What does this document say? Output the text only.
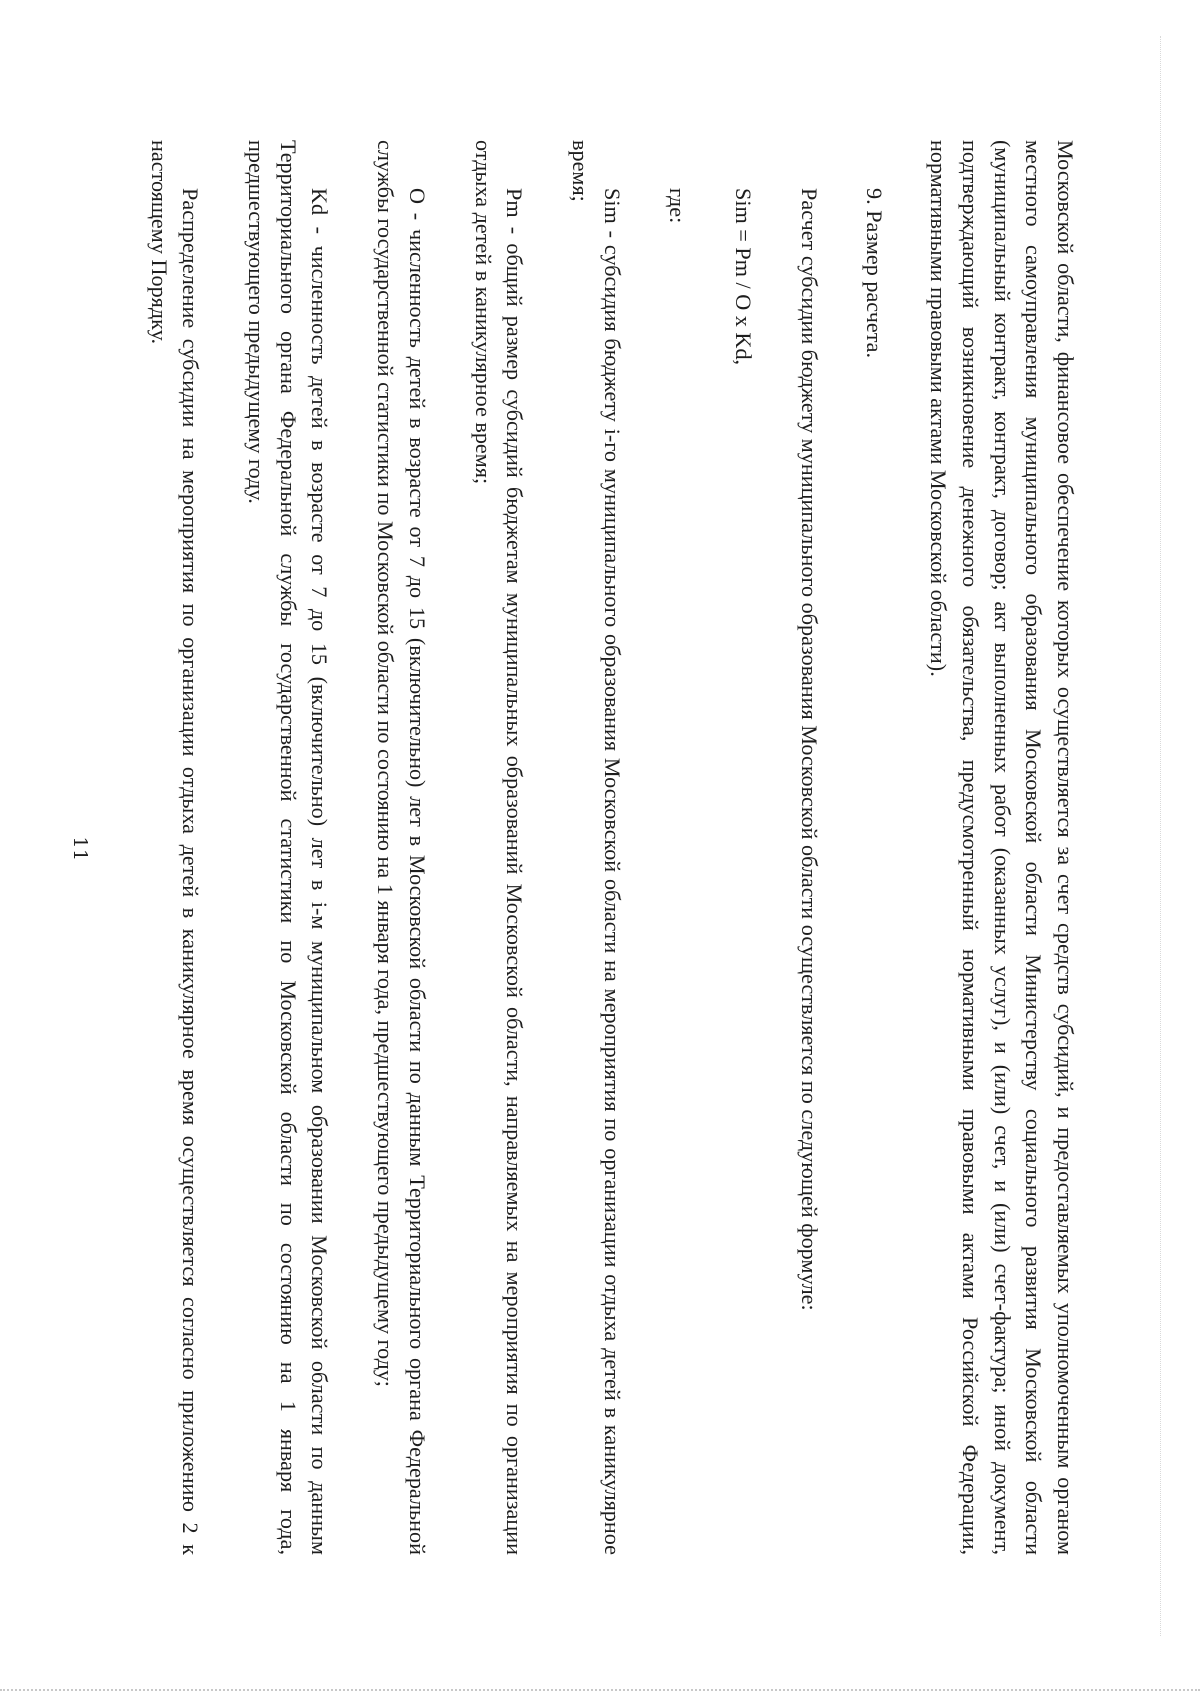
11	Московской области, финансовое обеспечение которых осуществляется за счет средств субсидий, и предоставляемых уполномоченным органом местного самоуправления муниципального образования Московской области Министерству социального развития Московской области (муниципальный контракт, контракт, договор; акт выполненных работ (оказанных услуг), и (или) счет, и (или) счет-фактура; иной документ, подтверждающий возникновение денежного обязательства, предусмотренный нормативными правовыми актами Российской Федерации, нормативными правовыми актами Московской области).

9. Размер расчета.

Расчет субсидии бюджету муниципального образования Московской области осуществляется по следующей формуле:

Sim = Pm / O x Kd,

где:

Sim - субсидия бюджету i-го муниципального образования Московской области на мероприятия по организации отдыха детей в каникулярное время;

Pm - общий размер субсидий бюджетам муниципальных образований Московской области, направляемых на мероприятия по организации отдыха детей в каникулярное время;

O - численность детей в возрасте от 7 до 15 (включительно) лет в Московской области по данным Территориального органа Федеральной службы государственной статистики по Московской области по состоянию на 1 января года, предшествующего предыдущему году;

Kd - численность детей в возрасте от 7 до 15 (включительно) лет в i-м муниципальном образовании Московской области по данным Территориального органа Федеральной службы государственной статистики по Московской области по состоянию на 1 января года, предшествующего предыдущему году.

Распределение субсидии на мероприятия по организации отдыха детей в каникулярное время осуществляется согласно приложению 2 к настоящему Порядку.
